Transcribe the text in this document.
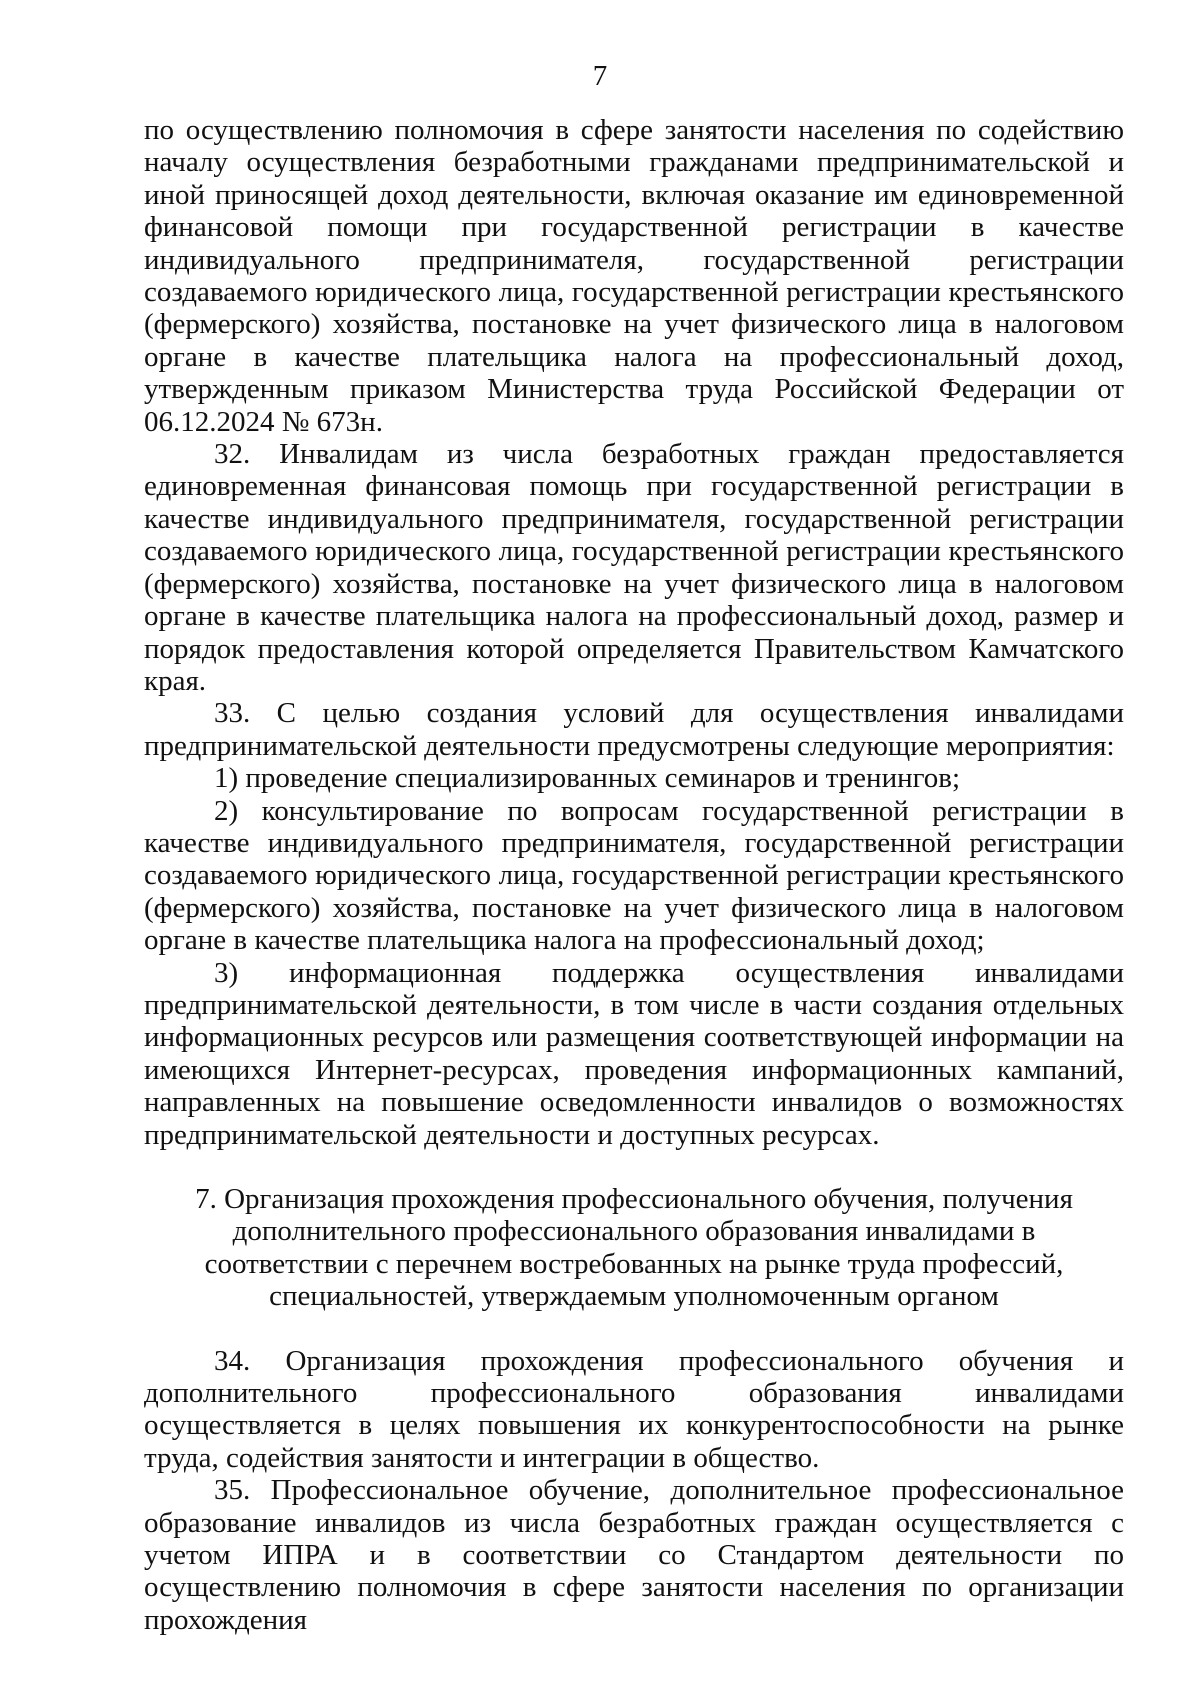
7

по осуществлению полномочия в сфере занятости населения по содействию началу осуществления безработными гражданами предпринимательской и иной приносящей доход деятельности, включая оказание им единовременной финансовой помощи при государственной регистрации в качестве индивидуального предпринимателя, государственной регистрации создаваемого юридического лица, государственной регистрации крестьянского (фермерского) хозяйства, постановке на учет физического лица в налоговом органе в качестве плательщика налога на профессиональный доход, утвержденным приказом Министерства труда Российской Федерации от 06.12.2024 № 673н.

32. Инвалидам из числа безработных граждан предоставляется единовременная финансовая помощь при государственной регистрации в качестве индивидуального предпринимателя, государственной регистрации создаваемого юридического лица, государственной регистрации крестьянского (фермерского) хозяйства, постановке на учет физического лица в налоговом органе в качестве плательщика налога на профессиональный доход, размер и порядок предоставления которой определяется Правительством Камчатского края.

33. С целью создания условий для осуществления инвалидами предпринимательской деятельности предусмотрены следующие мероприятия:

1) проведение специализированных семинаров и тренингов;

2) консультирование по вопросам государственной регистрации в качестве индивидуального предпринимателя, государственной регистрации создаваемого юридического лица, государственной регистрации крестьянского (фермерского) хозяйства, постановке на учет физического лица в налоговом органе в качестве плательщика налога на профессиональный доход;

3) информационная поддержка осуществления инвалидами предпринимательской деятельности, в том числе в части создания отдельных информационных ресурсов или размещения соответствующей информации на имеющихся Интернет-ресурсах, проведения информационных кампаний, направленных на повышение осведомленности инвалидов о возможностях предпринимательской деятельности и доступных ресурсах.

7. Организация прохождения профессионального обучения, получения дополнительного профессионального образования инвалидами в соответствии с перечнем востребованных на рынке труда профессий, специальностей, утверждаемым уполномоченным органом

34. Организация прохождения профессионального обучения и дополнительного профессионального образования инвалидами осуществляется в целях повышения их конкурентоспособности на рынке труда, содействия занятости и интеграции в общество.

35. Профессиональное обучение, дополнительное профессиональное образование инвалидов из числа безработных граждан осуществляется с учетом ИПРА и в соответствии со Стандартом деятельности по осуществлению полномочия в сфере занятости населения по организации прохождения
